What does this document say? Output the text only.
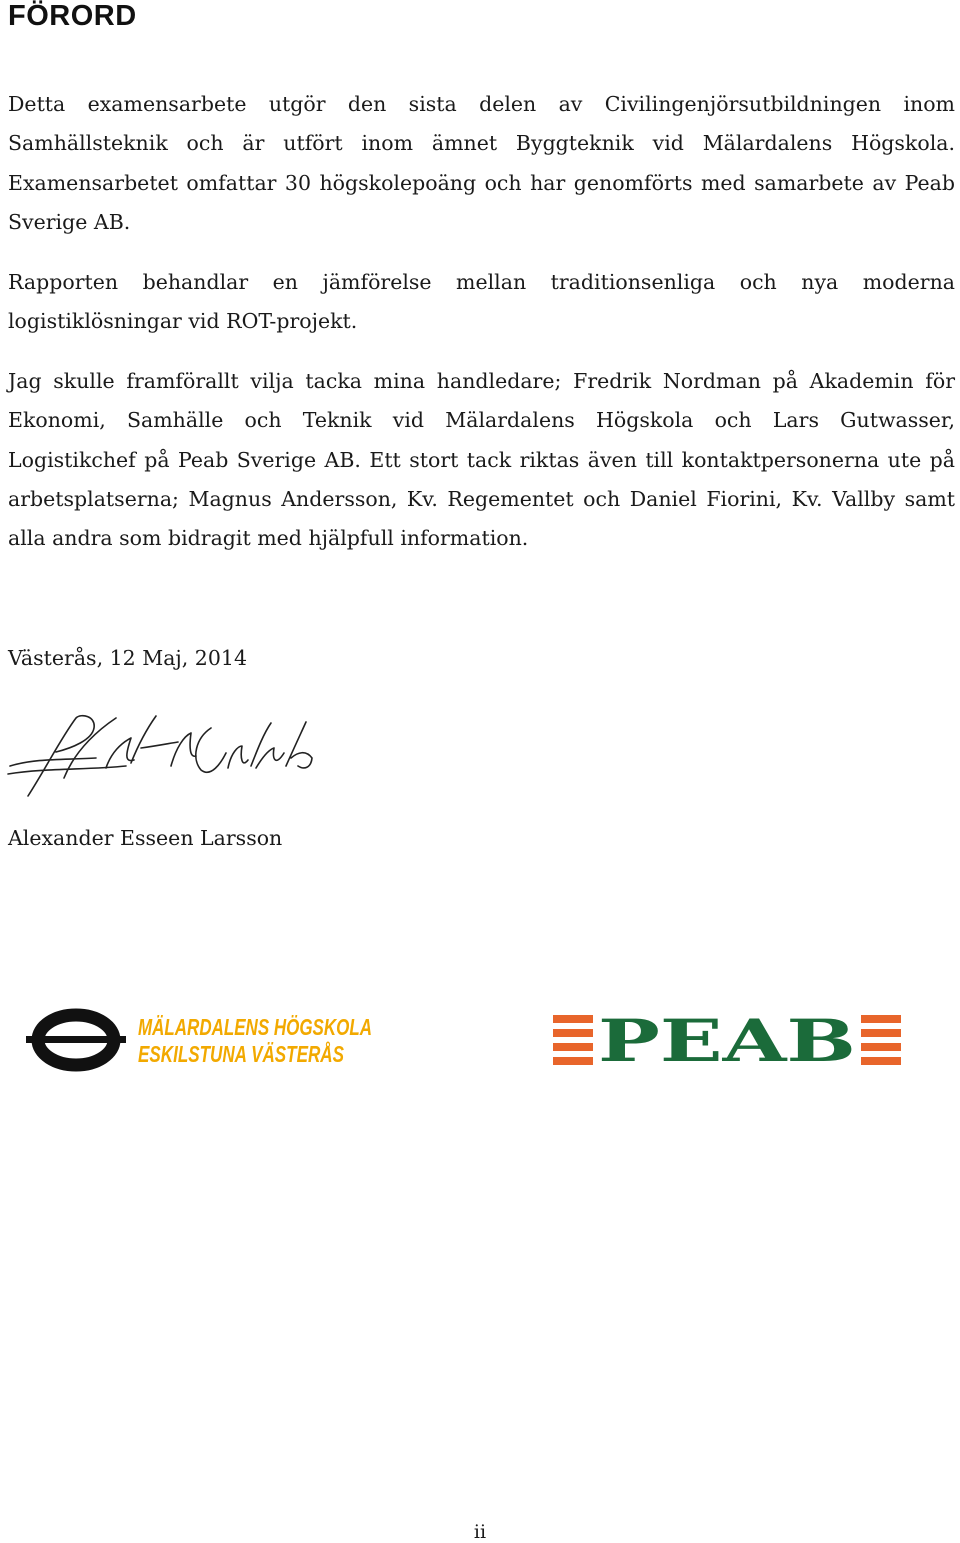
FÖRORD

Detta examensarbete utgör den sista delen av Civilingenjörsutbildningen inom Samhällsteknik och är utfört inom ämnet Byggteknik vid Mälardalens Högskola. Examensarbetet omfattar 30 högskolepoäng och har genomförts med samarbete av Peab Sverige AB.

Rapporten behandlar en jämförelse mellan traditionsenliga och nya moderna logistiklösningar vid ROT-projekt.

Jag skulle framförallt vilja tacka mina handledare; Fredrik Nordman på Akademin för Ekonomi, Samhälle och Teknik vid Mälardalens Högskola och Lars Gutwasser, Logistikchef på Peab Sverige AB. Ett stort tack riktas även till kontaktpersonerna ute på arbetsplatserna; Magnus Andersson, Kv. Regementet och Daniel Fiorini, Kv. Vallby samt alla andra som bidragit med hjälpfull information.

Västerås, 12 Maj, 2014
Alexander Esseen Larsson
MÄLARDALENS HÖGSKOLA
ESKILSTUNA VÄSTERÅS	PEAB
ii
